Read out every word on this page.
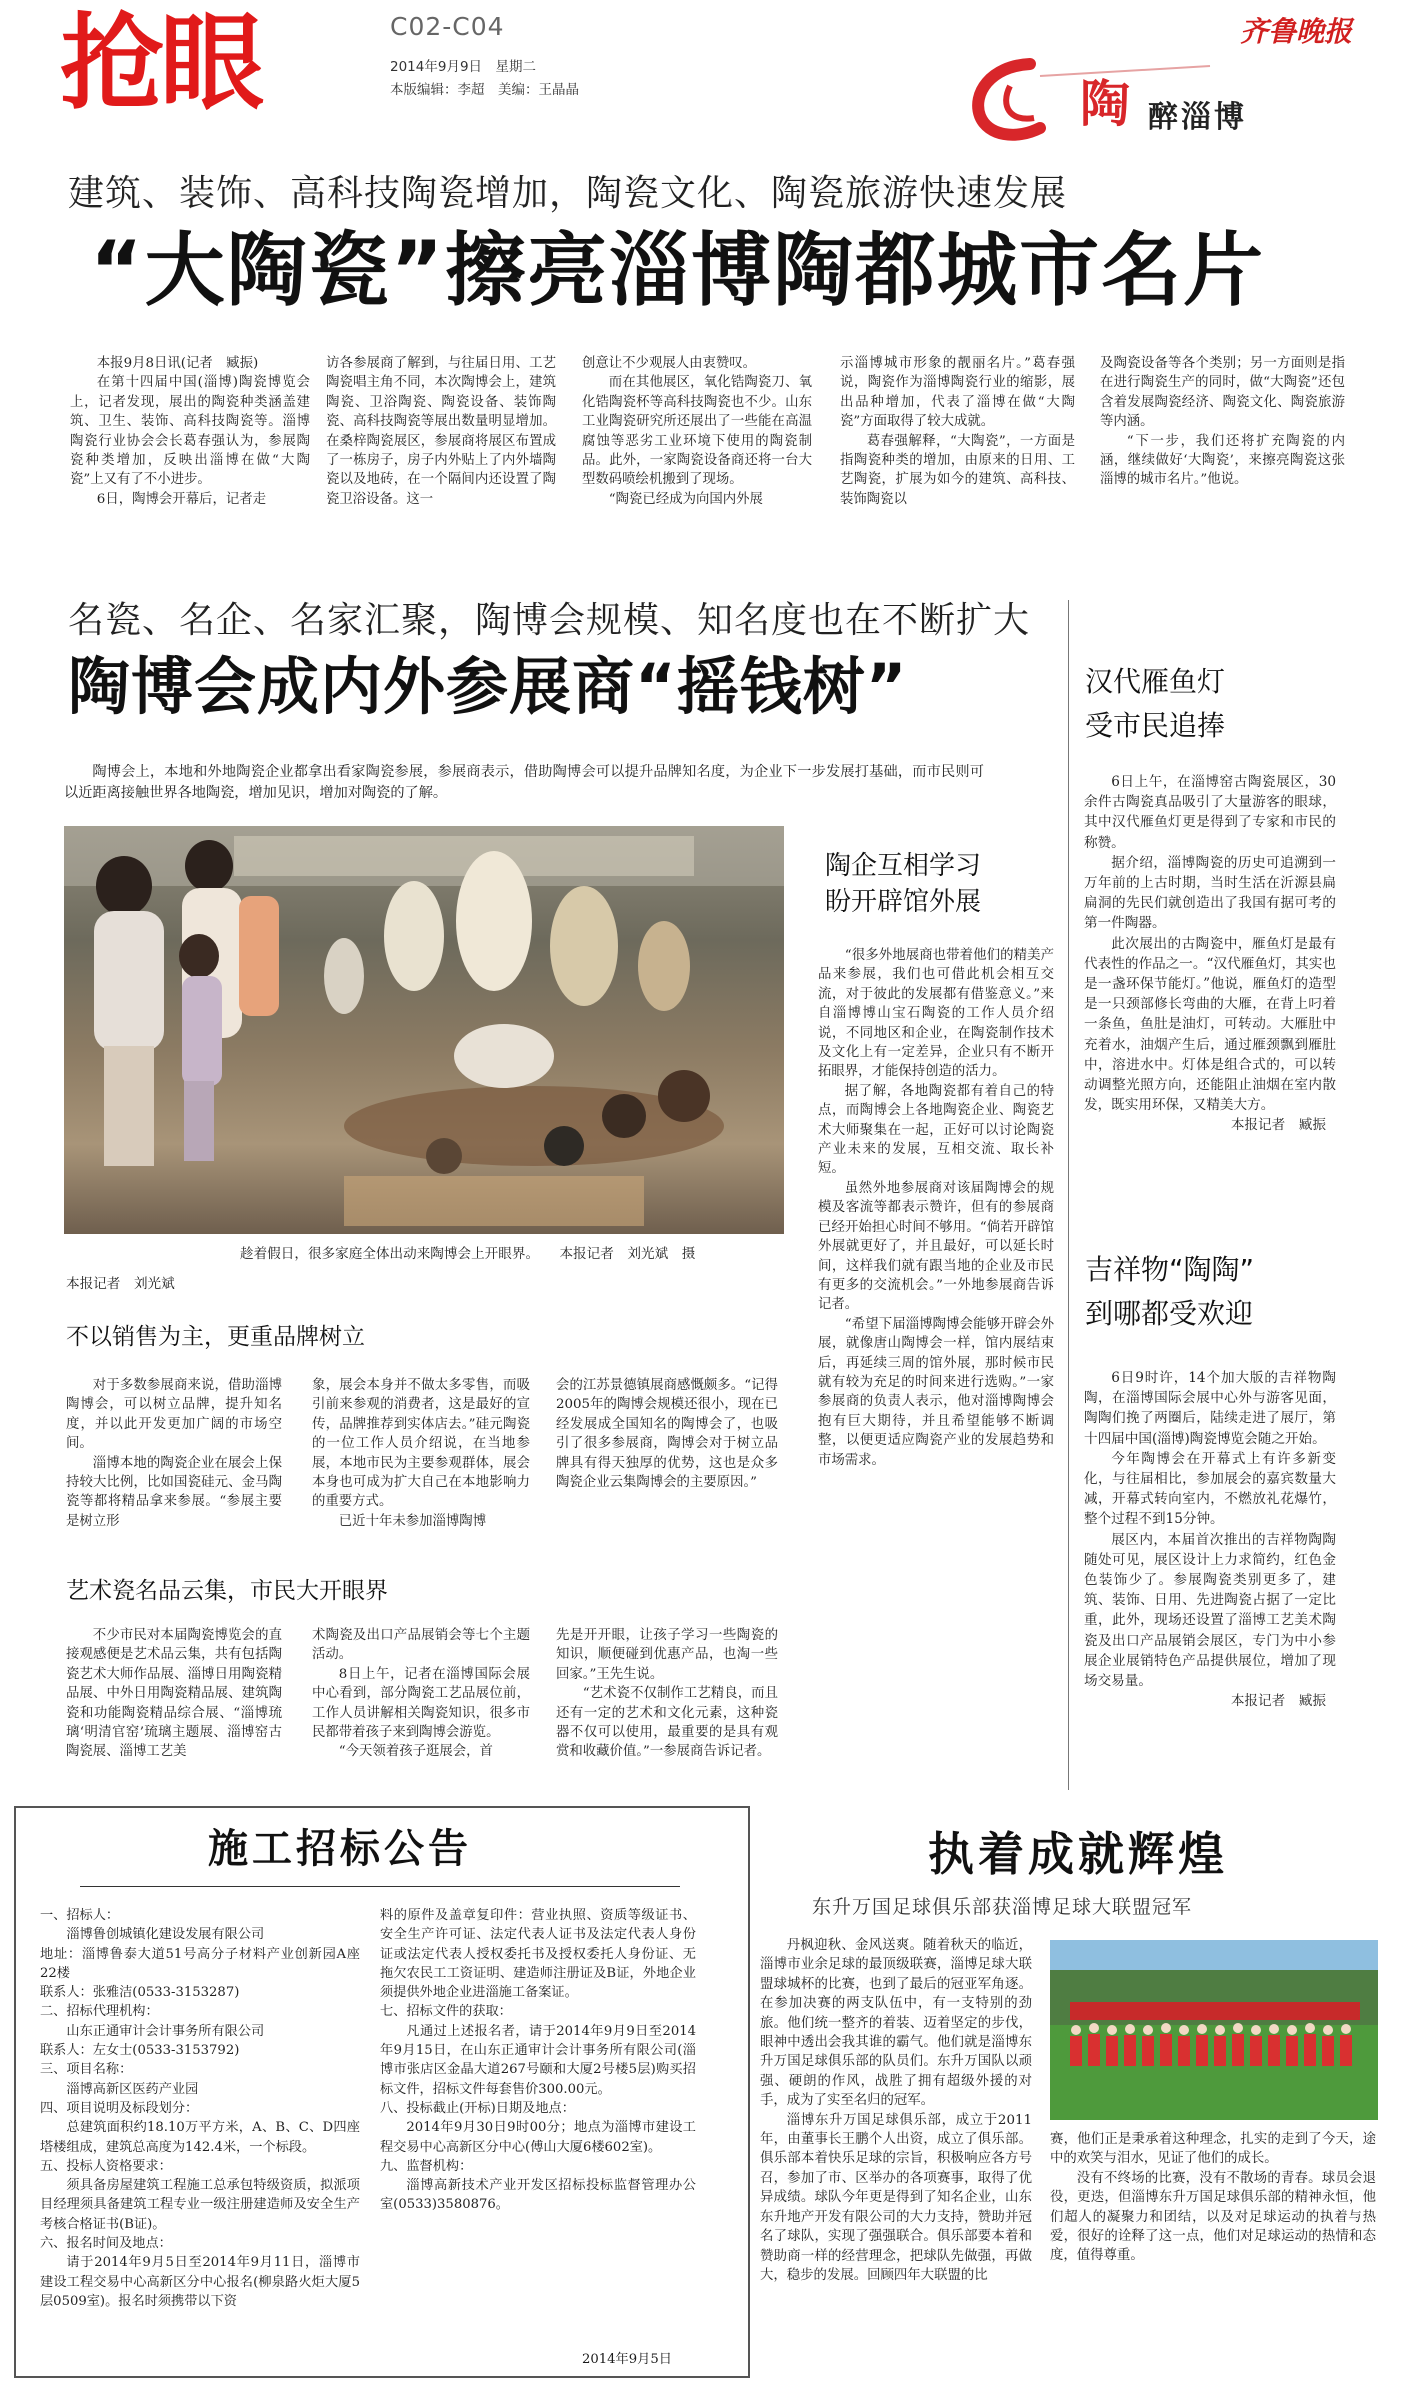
抢眼	C02-C04
2014年9月9日　星期二
本版编辑：李超　美编：王晶晶
齐鲁晚报
陶 醉淄博
建筑、装饰、高科技陶瓷增加，陶瓷文化、陶瓷旅游快速发展
“大陶瓷”擦亮淄博陶都城市名片

本报9月8日讯(记者　臧振)

在第十四届中国(淄博)陶瓷博览会上，记者发现，展出的陶瓷种类涵盖建筑、卫生、装饰、高科技陶瓷等。淄博陶瓷行业协会会长葛春强认为，参展陶瓷种类增加，反映出淄博在做“大陶瓷”上又有了不小进步。

6日，陶博会开幕后，记者走

访各参展商了解到，与往届日用、工艺陶瓷唱主角不同，本次陶博会上，建筑陶瓷、卫浴陶瓷、陶瓷设备、装饰陶瓷、高科技陶瓷等展出数量明显增加。在桑梓陶瓷展区，参展商将展区布置成了一栋房子，房子内外贴上了内外墙陶瓷以及地砖，在一个隔间内还设置了陶瓷卫浴设备。这一

创意让不少观展人由衷赞叹。

而在其他展区，氧化锆陶瓷刀、氧化锆陶瓷杯等高科技陶瓷也不少。山东工业陶瓷研究所还展出了一些能在高温腐蚀等恶劣工业环境下使用的陶瓷制品。此外，一家陶瓷设备商还将一台大型数码喷绘机搬到了现场。

“陶瓷已经成为向国内外展

示淄博城市形象的靓丽名片。”葛春强说，陶瓷作为淄博陶瓷行业的缩影，展出品种增加，代表了淄博在做“大陶瓷”方面取得了较大成就。

葛春强解释，“大陶瓷”，一方面是指陶瓷种类的增加，由原来的日用、工艺陶瓷，扩展为如今的建筑、高科技、装饰陶瓷以

及陶瓷设备等各个类别；另一方面则是指在进行陶瓷生产的同时，做“大陶瓷”还包含着发展陶瓷经济、陶瓷文化、陶瓷旅游等内涵。

“下一步，我们还将扩充陶瓷的内涵，继续做好‘大陶瓷’，来擦亮陶瓷这张淄博的城市名片。”他说。

名瓷、名企、名家汇聚，陶博会规模、知名度也在不断扩大
陶博会成内外参展商“摇钱树”

陶博会上，本地和外地陶瓷企业都拿出看家陶瓷参展，参展商表示，借助陶博会可以提升品牌知名度，为企业下一步发展打基础，而市民则可以近距离接触世界各地陶瓷，增加见识，增加对陶瓷的了解。

趁着假日，很多家庭全体出动来陶博会上开眼界。　　本报记者　刘光斌　摄
本报记者　刘光斌
不以销售为主，更重品牌树立

对于多数参展商来说，借助淄博陶博会，可以树立品牌，提升知名度，并以此开发更加广阔的市场空间。

淄博本地的陶瓷企业在展会上保持较大比例，比如国瓷硅元、金马陶瓷等都将精品拿来参展。“参展主要是树立形

象，展会本身并不做太多零售，而吸引前来参观的消费者，这是最好的宣传，品牌推荐到实体店去。”硅元陶瓷的一位工作人员介绍说，在当地参展，本地市民为主要参观群体，展会本身也可成为扩大自己在本地影响力的重要方式。

已近十年未参加淄博陶博

会的江苏景德镇展商感慨颇多。“记得2005年的陶博会规模还很小，现在已经发展成全国知名的陶博会了，也吸引了很多参展商，陶博会对于树立品牌具有得天独厚的优势，这也是众多陶瓷企业云集陶博会的主要原因。”

艺术瓷名品云集，市民大开眼界

不少市民对本届陶瓷博览会的直接观感便是艺术品云集，共有包括陶瓷艺术大师作品展、淄博日用陶瓷精品展、中外日用陶瓷精品展、建筑陶瓷和功能陶瓷精品综合展、“淄博琉璃‘明清官窑’琉璃主题展、淄博窑古陶瓷展、淄博工艺美

术陶瓷及出口产品展销会等七个主题活动。

8日上午，记者在淄博国际会展中心看到，部分陶瓷工艺品展位前，工作人员讲解相关陶瓷知识，很多市民都带着孩子来到陶博会游览。

“今天领着孩子逛展会，首

先是开开眼，让孩子学习一些陶瓷的知识，顺便碰到优惠产品，也淘一些回家。”王先生说。

“艺术瓷不仅制作工艺精良，而且还有一定的艺术和文化元素，这种瓷器不仅可以使用，最重要的是具有观赏和收藏价值。”一参展商告诉记者。

陶企互相学习
盼开辟馆外展

“很多外地展商也带着他们的精美产品来参展，我们也可借此机会相互交流，对于彼此的发展都有借鉴意义。”来自淄博博山宝石陶瓷的工作人员介绍说，不同地区和企业，在陶瓷制作技术及文化上有一定差异，企业只有不断开拓眼界，才能保持创造的活力。

据了解，各地陶瓷都有着自己的特点，而陶博会上各地陶瓷企业、陶瓷艺术大师聚集在一起，正好可以讨论陶瓷产业未来的发展，互相交流、取长补短。

虽然外地参展商对该届陶博会的规模及客流等都表示赞许，但有的参展商已经开始担心时间不够用。“倘若开辟馆外展就更好了，并且最好，可以延长时间，这样我们就有跟当地的企业及市民有更多的交流机会。”一外地参展商告诉记者。

“希望下届淄博陶博会能够开辟会外展，就像唐山陶博会一样，馆内展结束后，再延续三周的馆外展，那时候市民就有较为充足的时间来进行选购。”一家参展商的负责人表示，他对淄博陶博会抱有巨大期待，并且希望能够不断调整，以便更适应陶瓷产业的发展趋势和市场需求。

汉代雁鱼灯
受市民追捧

6日上午，在淄博窑古陶瓷展区，30余件古陶瓷真品吸引了大量游客的眼球，其中汉代雁鱼灯更是得到了专家和市民的称赞。

据介绍，淄博陶瓷的历史可追溯到一万年前的上古时期，当时生活在沂源县扁扁洞的先民们就创造出了我国有据可考的第一件陶器。

此次展出的古陶瓷中，雁鱼灯是最有代表性的作品之一。“汉代雁鱼灯，其实也是一盏环保节能灯。”他说，雁鱼灯的造型是一只颈部修长弯曲的大雁，在背上叼着一条鱼，鱼肚是油灯，可转动。大雁肚中充着水，油烟产生后，通过雁颈飘到雁肚中，溶进水中。灯体是组合式的，可以转动调整光照方向，还能阻止油烟在室内散发，既实用环保，又精美大方。

本报记者　臧振

吉祥物“陶陶”
到哪都受欢迎

6日9时许，14个加大版的吉祥物陶陶，在淄博国际会展中心外与游客见面，陶陶们挽了两圈后，陆续走进了展厅，第十四届中国(淄博)陶瓷博览会随之开始。

今年陶博会在开幕式上有许多新变化，与往届相比，参加展会的嘉宾数量大减，开幕式转向室内，不燃放礼花爆竹，整个过程不到15分钟。

展区内，本届首次推出的吉祥物陶陶随处可见，展区设计上力求简约，红色金色装饰少了。参展陶瓷类别更多了，建筑、装饰、日用、先进陶瓷占据了一定比重，此外，现场还设置了淄博工艺美术陶瓷及出口产品展销会展区，专门为中小参展企业展销特色产品提供展位，增加了现场交易量。

本报记者　臧振

施工招标公告

一、招标人：

淄博鲁创城镇化建设发展有限公司

地址：淄博鲁泰大道51号高分子材料产业创新园A座22楼

联系人：张雅洁(0533-3153287)

二、招标代理机构：

山东正通审计会计事务所有限公司

联系人：左女士(0533-3153792)

三、项目名称：

淄博高新区医药产业园

四、项目说明及标段划分：

总建筑面积约18.10万平方米，A、B、C、D四座塔楼组成，建筑总高度为142.4米，一个标段。

五、投标人资格要求：

须具备房屋建筑工程施工总承包特级资质，拟派项目经理须具备建筑工程专业一级注册建造师及安全生产考核合格证书(B证)。

六、报名时间及地点：

请于2014年9月5日至2014年9月11日，淄博市建设工程交易中心高新区分中心报名(柳泉路火炬大厦5层0509室)。报名时须携带以下资

料的原件及盖章复印件：营业执照、资质等级证书、安全生产许可证、法定代表人证书及法定代表人身份证或法定代表人授权委托书及授权委托人身份证、无拖欠农民工工资证明、建造师注册证及B证，外地企业须提供外地企业进淄施工备案证。

七、招标文件的获取：

凡通过上述报名者，请于2014年9月9日至2014年9月15日，在山东正通审计会计事务所有限公司(淄博市张店区金晶大道267号颐和大厦2号楼5层)购买招标文件，招标文件每套售价300.00元。

八、投标截止(开标)日期及地点：

2014年9月30日9时00分；地点为淄博市建设工程交易中心高新区分中心(傅山大厦6楼602室)。

九、监督机构：

淄博高新技术产业开发区招标投标监督管理办公室(0533)3580876。

2014年9月5日
执着成就辉煌
东升万国足球俱乐部获淄博足球大联盟冠军

丹枫迎秋、金风送爽。随着秋天的临近，淄博市业余足球的最顶级联赛，淄博足球大联盟球城杯的比赛，也到了最后的冠亚军角逐。在参加决赛的两支队伍中，有一支特别的劲旅。他们统一整齐的着装、迈着坚定的步伐，眼神中透出会我其谁的霸气。他们就是淄博东升万国足球俱乐部的队员们。东升万国队以顽强、硬朗的作风，战胜了拥有超级外援的对手，成为了实至名归的冠军。

淄博东升万国足球俱乐部，成立于2011年，由董事长王鹏个人出资，成立了俱乐部。俱乐部本着快乐足球的宗旨，积极响应各方号召，参加了市、区举办的各项赛事，取得了优异成绩。球队今年更是得到了知名企业，山东东升地产开发有限公司的大力支持，赞助并冠名了球队，实现了强强联合。俱乐部要本着和赞助商一样的经营理念，把球队先做强，再做大，稳步的发展。回顾四年大联盟的比

赛，他们正是秉承着这种理念，扎实的走到了今天，途中的欢笑与泪水，见证了他们的成长。

没有不终场的比赛，没有不散场的青春。球员会退役，更迭，但淄博东升万国足球俱乐部的精神永恒，他们超人的凝聚力和团结，以及对足球运动的执着与热爱，很好的诠释了这一点，他们对足球运动的热情和态度，值得尊重。
